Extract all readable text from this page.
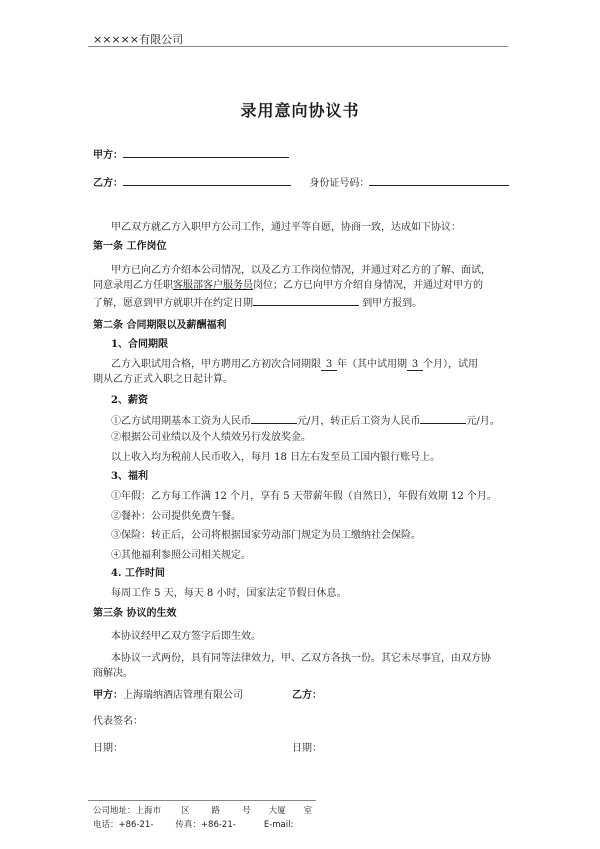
×××××有限公司
录用意向协议书
甲方：
乙方：	身份证号码：
甲乙双方就乙方入职甲方公司工作，通过平等自愿，协商一致，达成如下协议：
第一条 工作岗位
甲方已向乙方介绍本公司情况，以及乙方工作岗位情况，并通过对乙方的了解、面试，
同意录用乙方任职客服部客户服务员岗位；乙方已向甲方介绍自身情况，并通过对甲方的
了解，愿意到甲方就职并在约定日期	到甲方报到。
第二条 合同期限以及薪酬福利
1、合同期限
乙方入职试用合格，甲方聘用乙方初次合同期限 3 年（其中试用期 3 个月），试用
期从乙方正式入职之日起计算。
2、薪资
①乙方试用期基本工资为人民币	元/月，转正后工资为人民币	元/月。
②根据公司业绩以及个人绩效另行发放奖金。
以上收入均为税前人民币收入，每月 18 日左右发至员工国内银行账号上。
3、福利
①年假：乙方每工作满 12 个月，享有 5 天带薪年假（自然日），年假有效期 12 个月。
②餐补：公司提供免费午餐。
③保险：转正后，公司将根据国家劳动部门规定为员工缴纳社会保险。
④其他福利参照公司相关规定。
4. 工作时间
每周工作 5 天，每天 8 小时，国家法定节假日休息。
第三条 协议的生效
本协议经甲乙双方签字后即生效。
本协议一式两份，具有同等法律效力，甲、乙双方各执一份。其它未尽事宜，由双方协
商解决。
甲方：上海瑞纳酒店管理有限公司	乙方：
代表签名：
日期：	日期：
公司地址：上海市 区	路	号 大厦 室
电话：+86-21-	传真：+86-21-	E-mail:
